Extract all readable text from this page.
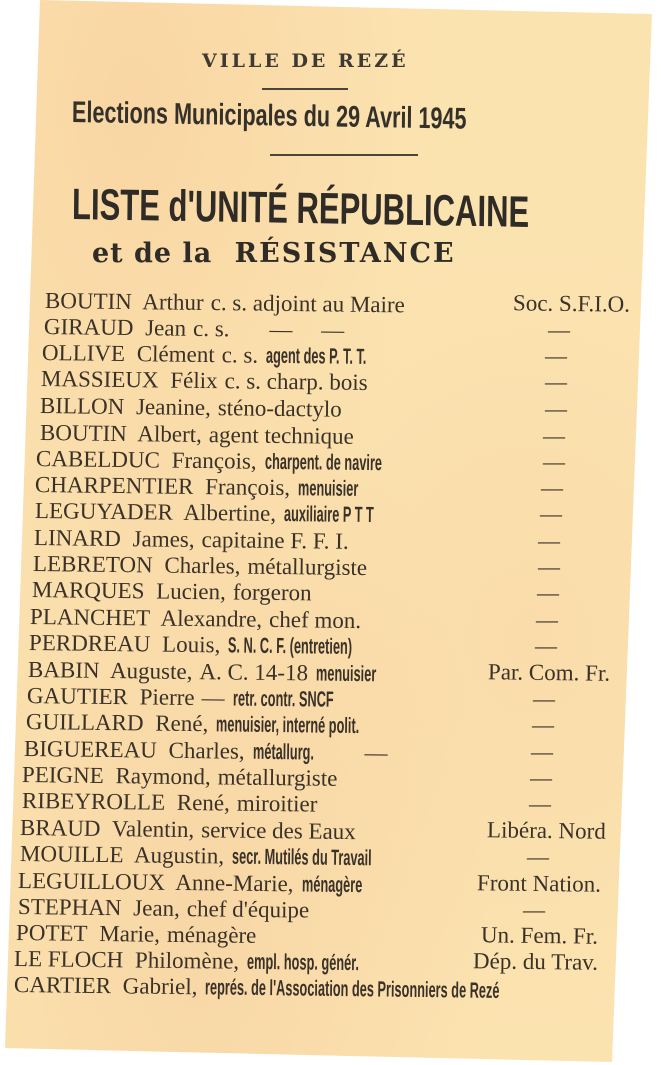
VILLE DE REZÉ
Elections Municipales du 29 Avril 1945
LISTE d'UNITÉ RÉPUBLICAINE
et de la RÉSISTANCE
BOUTIN Arthur c. s. adjoint au Maire
GIRAUD Jean c. s. —     —
OLLIVE Clément c. s. agent des P. T. T.
MASSIEUX Félix c. s. charp. bois
BILLON Jeanine, sténo-dactylo
BOUTIN Albert, agent technique
CABELDUC François, charpent. de navire
CHARPENTIER François, menuisier
LEGUYADER Albertine, auxiliaire P T T
LINARD James, capitaine F. F. I.
LEBRETON Charles, métallurgiste
MARQUES Lucien, forgeron
PLANCHET Alexandre, chef mon.
PERDREAU Louis, S. N. C. F. (entretien)
BABIN Auguste, A. C. 14-18 menuisier
GAUTIER Pierre — retr. contr. SNCF
GUILLARD René, menuisier, interné polit.
BIGUEREAU Charles, métallurg. —
PEIGNE Raymond, métallurgiste
RIBEYROLLE René, miroitier
BRAUD Valentin, service des Eaux
MOUILLE Augustin, secr. Mutilés du Travail
LEGUILLOUX Anne-Marie, ménagère
STEPHAN Jean, chef d'équipe
POTET Marie, ménagère
LE FLOCH Philomène, empl. hosp. génér.
CARTIER Gabriel, représ. de l'Association des Prisonniers de Rezé
Soc. S.F.I.O.
—
—
—
—
—
—
—
—
—
—
—
—
—
Par. Com. Fr.
—
—
—
—
—
Libéra. Nord
—
Front Nation.
—
Un. Fem. Fr.
Dép. du Trav.
